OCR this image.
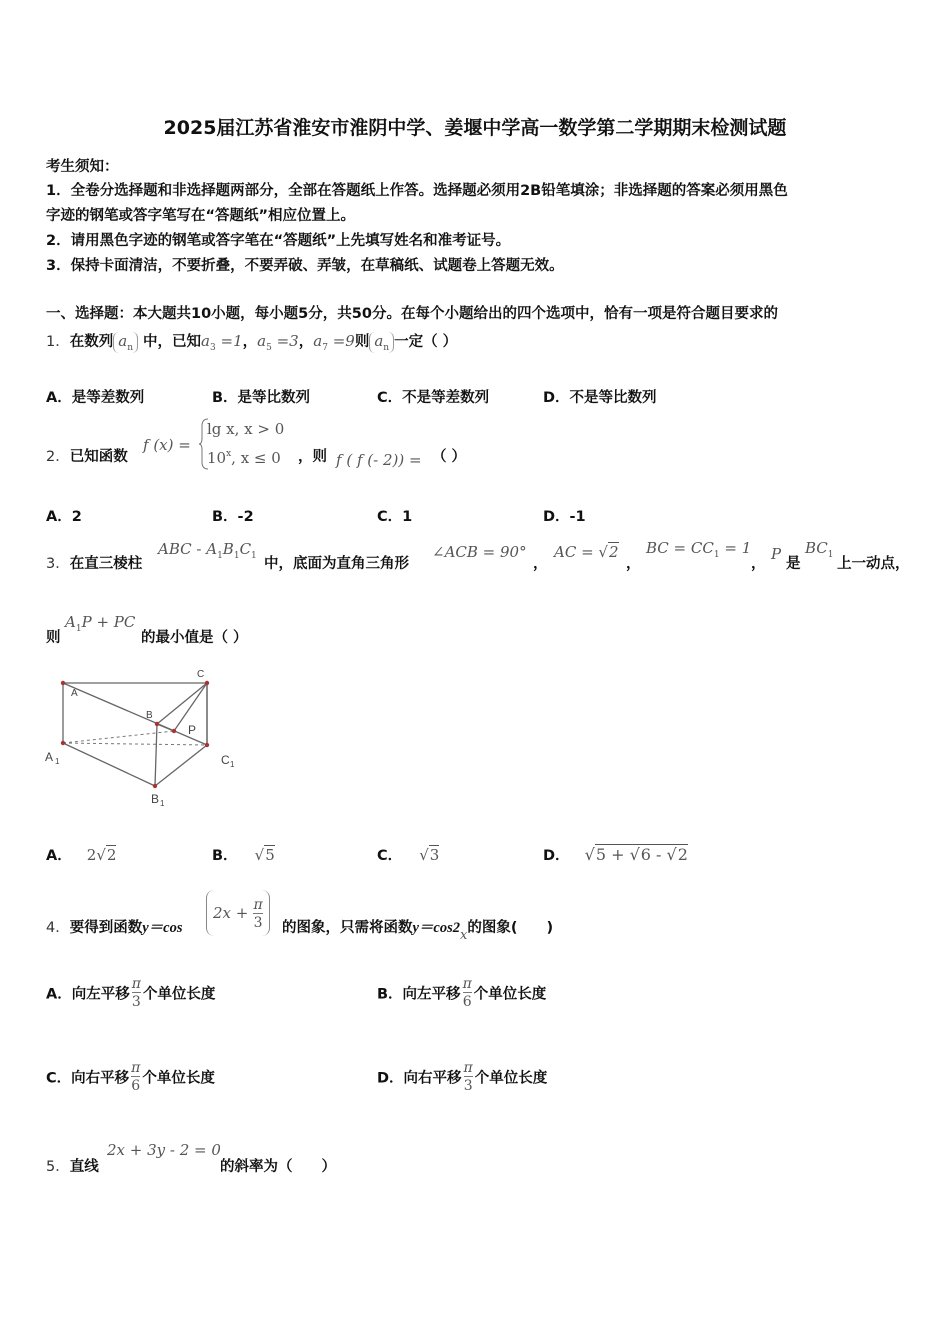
2025届江苏省淮安市淮阴中学、姜堰中学高一数学第二学期期末检测试题
考生须知：
1．全卷分选择题和非选择题两部分，全部在答题纸上作答。选择题必须用2B铅笔填涂；非选择题的答案必须用黑色
字迹的钢笔或答字笔写在“答题纸”相应位置上。
2．请用黑色字迹的钢笔或答字笔在“答题纸”上先填写姓名和准考证号。
3．保持卡面清洁，不要折叠，不要弄破、弄皱，在草稿纸、试题卷上答题无效。
一、选择题：本大题共10小题，每小题5分，共50分。在每个小题给出的四个选项中，恰有一项是符合题目要求的
1．在数列 $a_n$ 中，已知$a_3 =1$，$a_5 =3$，$a_7 =9$则 $a_n$ 一定（ ）
A．是等差数列	B．是等比数列	C．不是等差数列	D．不是等比数列
2．已知函数
f (x) =
lg x, x > 0
10$^x$, x ≤ 0 ，则 f ( f (- 2)) = （ ）
A．2	B．-2	C．1	D．-1
3．在直三棱柱
ABC - $A_1B_1C_1$ 中，底面为直角三角形
∠ACB = 90°
，
AC = √2
，
BC = $CC_1 = 1$
，
P
是
$BC_1$
上一动点，
则
$A_1P$ + PC
的最小值是（ ）
A
C
B
P
A 1	C 1
B 1
A． 2√2	B． √5	C． √3	D． √5 + √6 - √2
4．要得到函数y＝cos
$2x + \frac{\pi}{3}$ 的图象，只需将函数y＝cos2x的图象(　　)
A．向左平移 $\frac{\pi}{3}$ 个单位长度	B．向左平移 $\frac{\pi}{6}$ 个单位长度
C．向右平移 $\frac{\pi}{6}$ 个单位长度	D．向右平移 $\frac{\pi}{3}$ 个单位长度
5．直线
2x + 3y - 2 = 0
的斜率为（　　）
